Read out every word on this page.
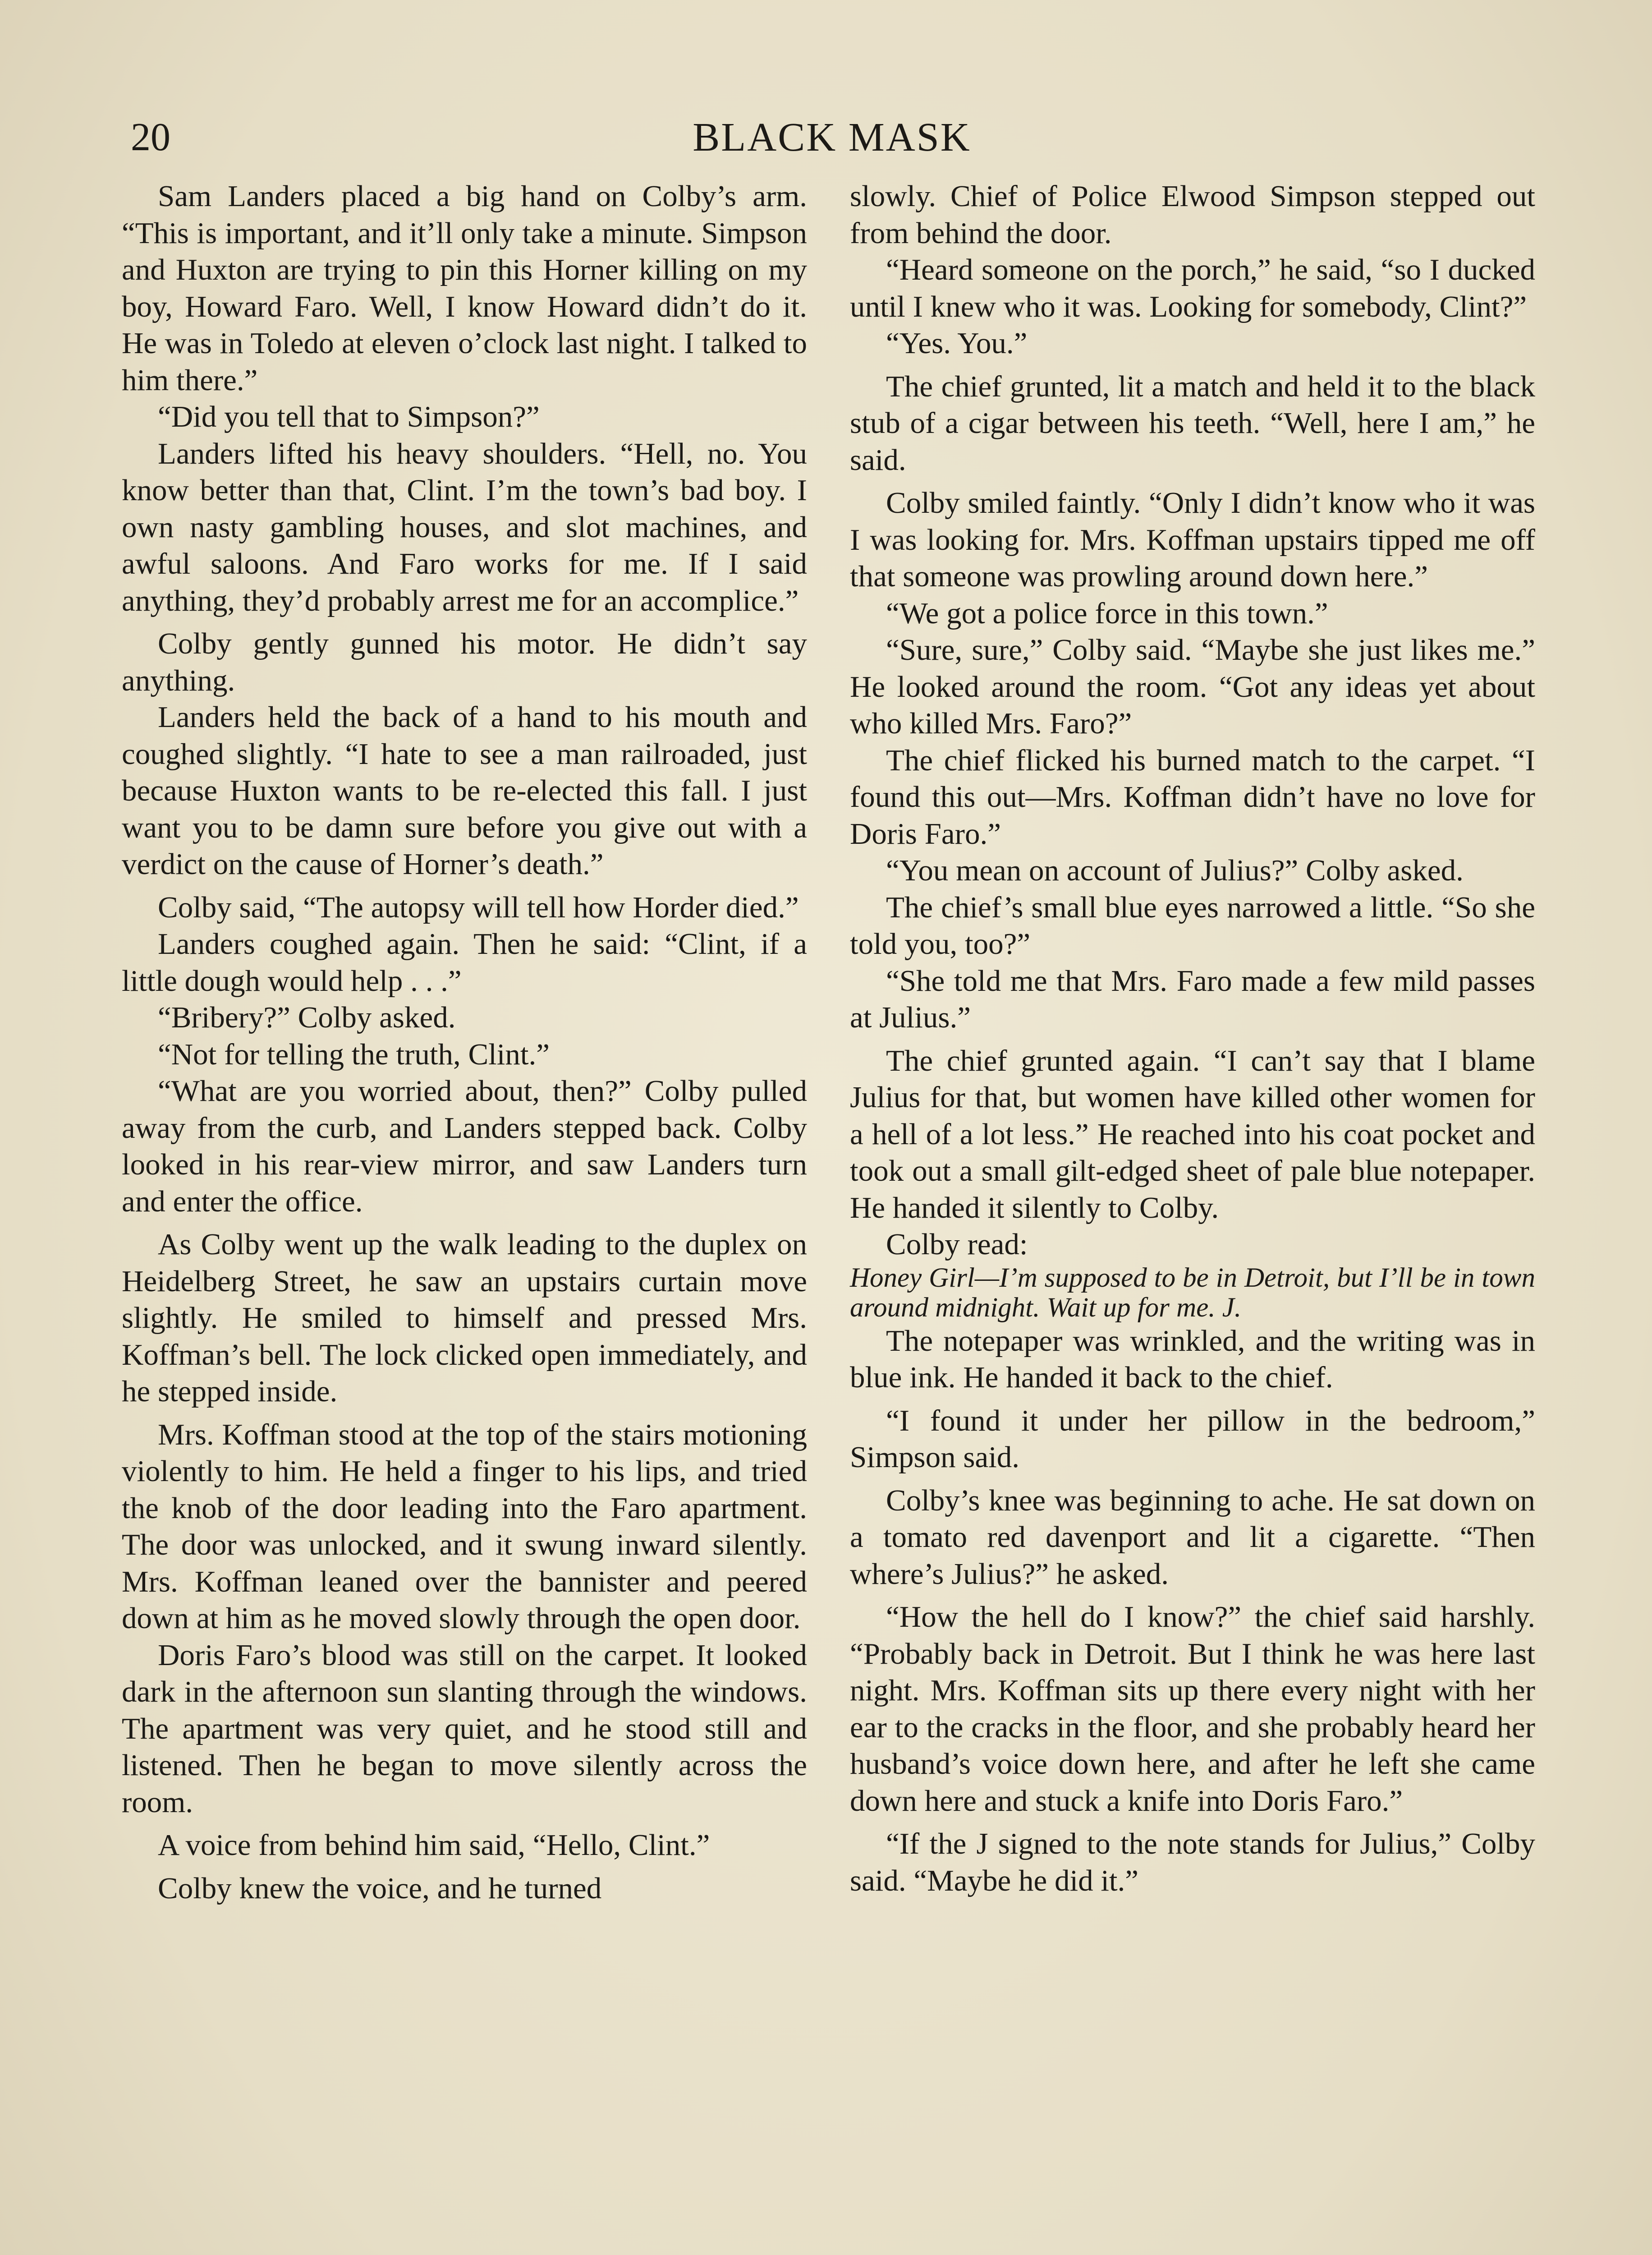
20	BLACK MASK

Sam Landers placed a big hand on Colby’s arm. “This is important, and it’ll only take a minute. Simpson and Huxton are trying to pin this Horner killing on my boy, Howard Faro. Well, I know Howard didn’t do it. He was in Toledo at eleven o’clock last night. I talked to him there.”

“Did you tell that to Simpson?”

Landers lifted his heavy shoulders. “Hell, no. You know better than that, Clint. I’m the town’s bad boy. I own nasty gambling houses, and slot machines, and awful saloons. And Faro works for me. If I said anything, they’d probably arrest me for an accomplice.”

Colby gently gunned his motor. He didn’t say anything.

Landers held the back of a hand to his mouth and coughed slightly. “I hate to see a man railroaded, just because Huxton wants to be re-elected this fall. I just want you to be damn sure before you give out with a verdict on the cause of Horner’s death.”

Colby said, “The autopsy will tell how Horder died.”

Landers coughed again. Then he said: “Clint, if a little dough would help . . .”

“Bribery?” Colby asked.

“Not for telling the truth, Clint.”

“What are you worried about, then?” Colby pulled away from the curb, and Landers stepped back. Colby looked in his rear-view mirror, and saw Landers turn and enter the office.

As Colby went up the walk leading to the duplex on Heidelberg Street, he saw an upstairs curtain move slightly. He smiled to himself and pressed Mrs. Koffman’s bell. The lock clicked open immediately, and he stepped inside.

Mrs. Koffman stood at the top of the stairs motioning violently to him. He held a finger to his lips, and tried the knob of the door leading into the Faro apartment. The door was unlocked, and it swung inward silently. Mrs. Koffman leaned over the bannister and peered down at him as he moved slowly through the open door.

Doris Faro’s blood was still on the carpet. It looked dark in the afternoon sun slanting through the windows. The apartment was very quiet, and he stood still and listened. Then he began to move silently across the room.

A voice from behind him said, “Hello, Clint.”

Colby knew the voice, and he turned

slowly. Chief of Police Elwood Simpson stepped out from behind the door.

“Heard someone on the porch,” he said, “so I ducked until I knew who it was. Looking for somebody, Clint?”

“Yes. You.”

The chief grunted, lit a match and held it to the black stub of a cigar between his teeth. “Well, here I am,” he said.

Colby smiled faintly. “Only I didn’t know who it was I was looking for. Mrs. Koffman upstairs tipped me off that someone was prowling around down here.”

“We got a police force in this town.”

“Sure, sure,” Colby said. “Maybe she just likes me.” He looked around the room. “Got any ideas yet about who killed Mrs. Faro?”

The chief flicked his burned match to the carpet. “I found this out—Mrs. Koffman didn’t have no love for Doris Faro.”

“You mean on account of Julius?” Colby asked.

The chief’s small blue eyes narrowed a little. “So she told you, too?”

“She told me that Mrs. Faro made a few mild passes at Julius.”

The chief grunted again. “I can’t say that I blame Julius for that, but women have killed other women for a hell of a lot less.” He reached into his coat pocket and took out a small gilt-edged sheet of pale blue notepaper. He handed it silently to Colby.

Colby read:

Honey Girl—I’m supposed to be in Detroit, but I’ll be in town around midnight. Wait up for me. J.

The notepaper was wrinkled, and the writing was in blue ink. He handed it back to the chief.

“I found it under her pillow in the bedroom,” Simpson said.

Colby’s knee was beginning to ache. He sat down on a tomato red davenport and lit a cigarette. “Then where’s Julius?” he asked.

“How the hell do I know?” the chief said harshly. “Probably back in Detroit. But I think he was here last night. Mrs. Koffman sits up there every night with her ear to the cracks in the floor, and she probably heard her husband’s voice down here, and after he left she came down here and stuck a knife into Doris Faro.”

“If the J signed to the note stands for Julius,” Colby said. “Maybe he did it.”
